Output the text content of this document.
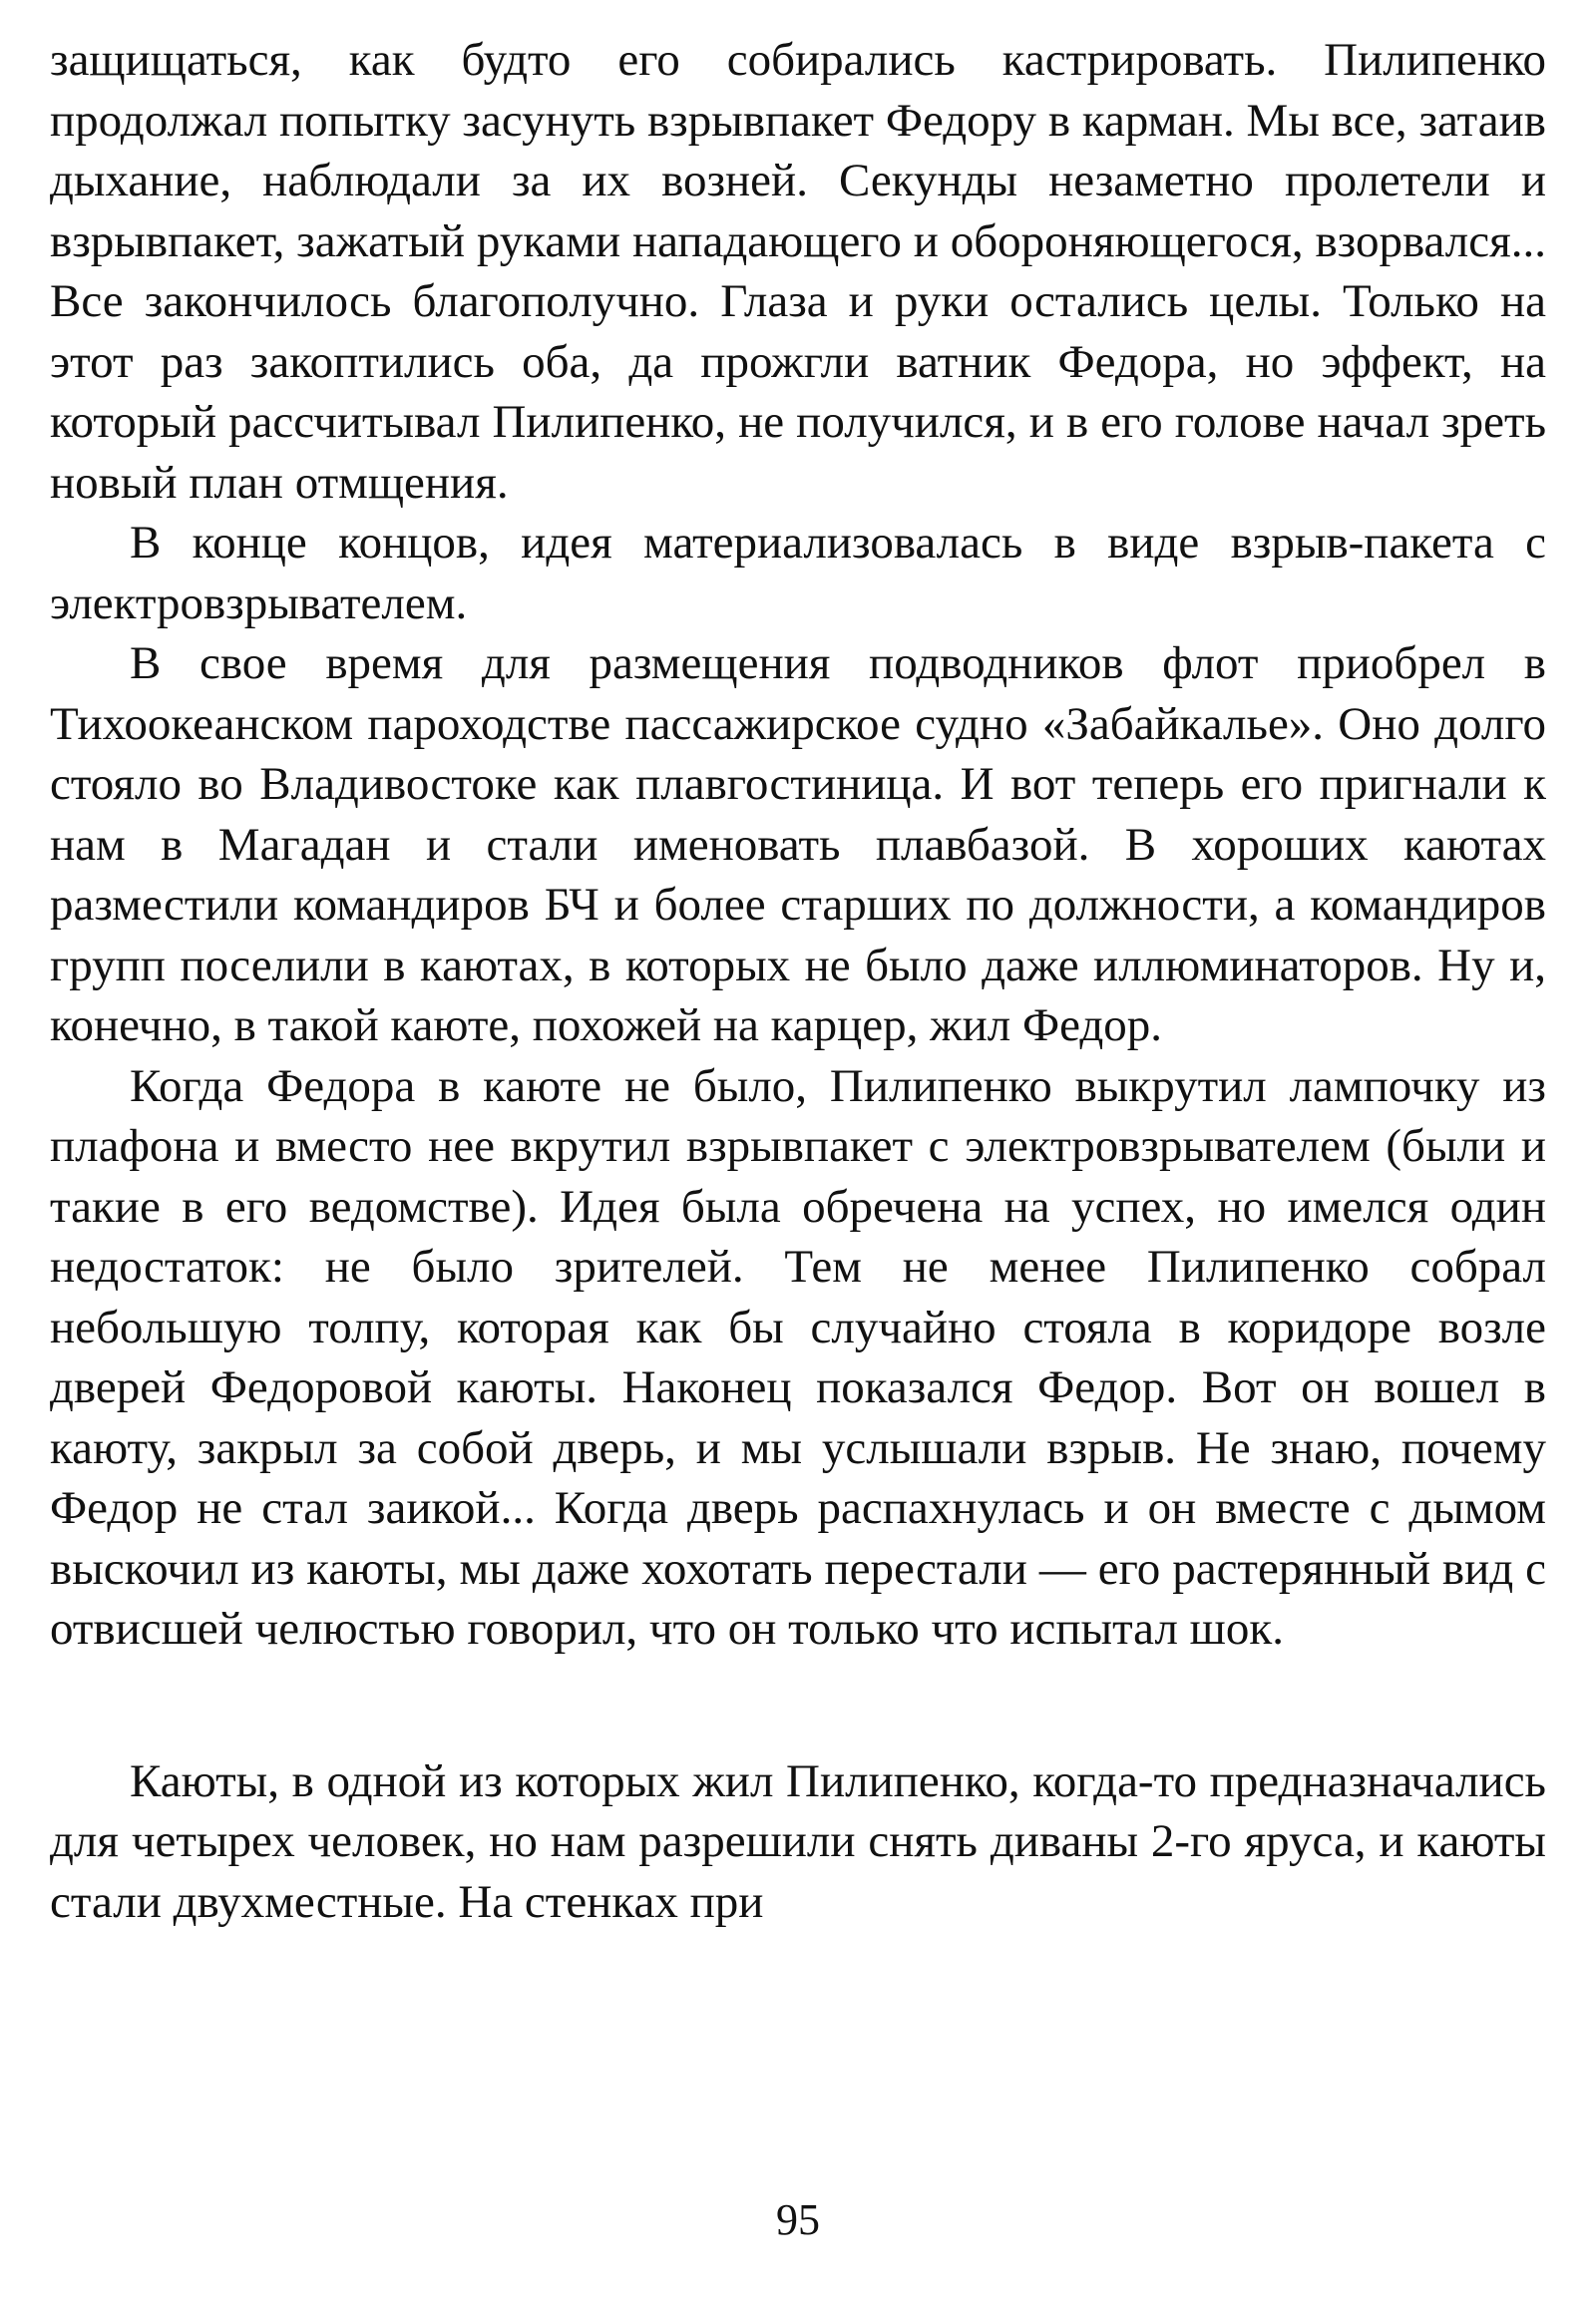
защищаться, как будто его собирались кастрировать. Пилипенко продолжал попытку засунуть взрывпакет Федору в карман. Мы все, затаив дыхание, наблюдали за их возней. Секунды незаметно пролетели и взрывпакет, зажатый руками нападающего и обороняющегося, взорвался... Все закончилось благополучно. Глаза и руки остались целы. Только на этот раз закоптились оба, да прожгли ватник Федора, но эффект, на который рассчитывал Пилипенко, не получился, и в его голове начал зреть новый план отмщения.

В конце концов, идея материализовалась в виде взрыв-пакета с электровзрывателем.

В свое время для размещения подводников флот приобрел в Тихоокеанском пароходстве пассажирское судно «Забайкалье». Оно долго стояло во Владивостоке как плавгостиница. И вот теперь его пригнали к нам в Магадан и стали именовать плавбазой. В хороших каютах разместили командиров БЧ и более старших по должности, а командиров групп поселили в каютах, в которых не было даже иллюминаторов. Ну и, конечно, в такой каюте, похожей на карцер, жил Федор.

Когда Федора в каюте не было, Пилипенко выкрутил лампочку из плафона и вместо нее вкрутил взрывпакет с электровзрывателем (были и такие в его ведомстве). Идея была обречена на успех, но имелся один недостаток: не было зрителей. Тем не менее Пилипенко собрал небольшую толпу, которая как бы случайно стояла в коридоре возле дверей Федоровой каюты. Наконец показался Федор. Вот он вошел в каюту, закрыл за собой дверь, и мы услышали взрыв. Не знаю, почему Федор не стал заикой... Когда дверь распахнулась и он вместе с дымом выскочил из каюты, мы даже хохотать перестали — его растерянный вид с отвисшей челюстью говорил, что он только что испытал шок.

Каюты, в одной из которых жил Пилипенко, когда-то предназначались для четырех человек, но нам разрешили снять диваны 2-го яруса, и каюты стали двухместные. На стенках при

95
